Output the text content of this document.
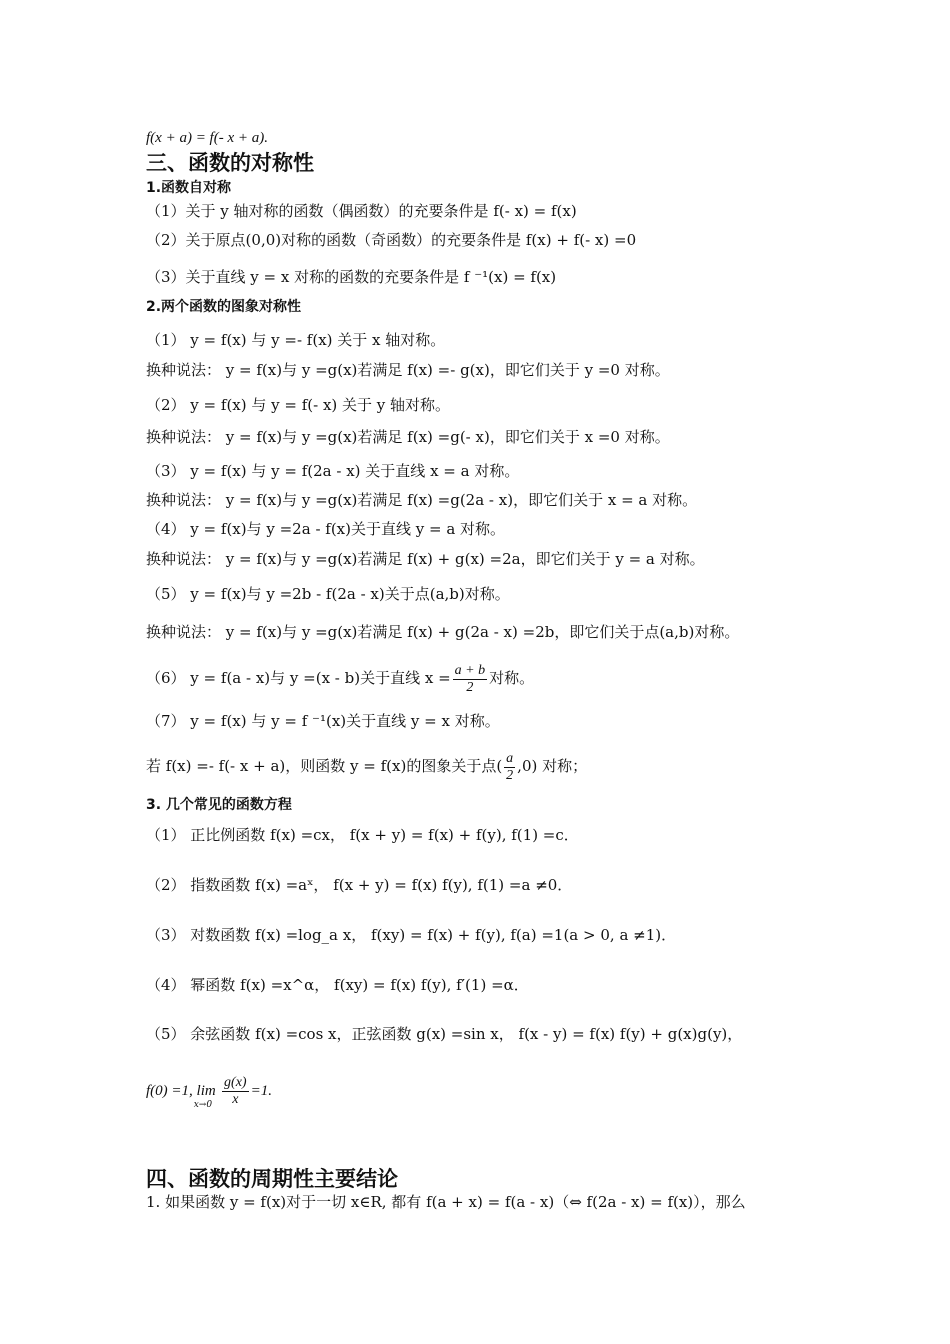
f(x + a) = f(- x + a).
三、函数的对称性
1.函数自对称
（1）关于 y 轴对称的函数（偶函数）的充要条件是 f(- x) = f(x)
（2）关于原点(0,0)对称的函数（奇函数）的充要条件是 f(x) + f(- x) =0
（3）关于直线 y = x 对称的函数的充要条件是 f ⁻¹(x) = f(x)
2.两个函数的图象对称性
（1） y = f(x) 与 y =- f(x) 关于 x 轴对称。
换种说法： y = f(x)与 y =g(x)若满足 f(x) =- g(x)，即它们关于 y =0 对称。
（2） y = f(x) 与 y = f(- x) 关于 y 轴对称。
换种说法： y = f(x)与 y =g(x)若满足 f(x) =g(- x)，即它们关于 x =0 对称。
（3） y = f(x) 与 y = f(2a - x) 关于直线 x = a 对称。
换种说法： y = f(x)与 y =g(x)若满足 f(x) =g(2a - x)，即它们关于 x = a 对称。
（4） y = f(x)与 y =2a - f(x)关于直线 y = a 对称。
换种说法： y = f(x)与 y =g(x)若满足 f(x) + g(x) =2a，即它们关于 y = a 对称。
（5） y = f(x)与 y =2b - f(2a - x)关于点(a,b)对称。
换种说法： y = f(x)与 y =g(x)若满足 f(x) + g(2a - x) =2b，即它们关于点(a,b)对称。
（6） y = f(a - x)与 y =(x - b)关于直线 $x = \frac{a + b}{2}$ 对称。
（7） y = f(x) 与 y = f ⁻¹(x)关于直线 y = x 对称。
若 f(x) =- f(- x + a)，则函数 y = f(x)的图象关于点( $\frac{a}{2} ,0$) 对称；
3. 几个常见的函数方程
（1） 正比例函数 f(x) =cx， f(x + y) = f(x) + f(y), f(1) =c．
（2） 指数函数 f(x) =aˣ， f(x + y) = f(x) f(y), f(1) =a ≠0．
（3） 对数函数 f(x) =log_a x， f(xy) = f(x) + f(y), f(a) =1(a > 0, a ≠1)．
（4） 幂函数 f(x) =x^α， f(xy) = f(x) f(y), f′(1) =α．
（5） 余弦函数 f(x) =cos x，正弦函数 g(x) =sin x， f(x - y) = f(x) f(y) + g(x)g(y)，
f(0) =1, $\lim_{x\to 0} \frac{g(x)}{x} =1$.
四、函数的周期性主要结论
1. 如果函数 y = f(x)对于一切 x∈R, 都有 f(a + x) = f(a - x)（⇔ f(2a - x) = f(x)），那么
